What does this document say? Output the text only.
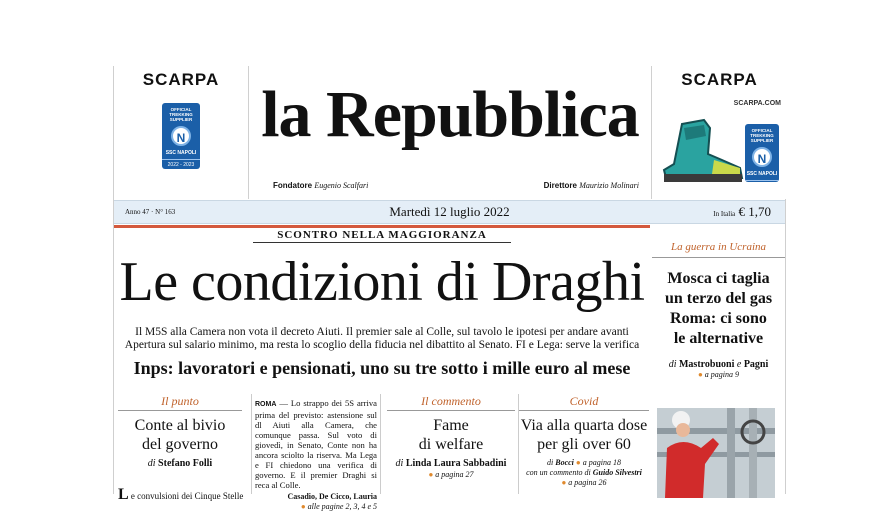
SCARPA
OFFICIAL TREKKING SUPPLIER
N
SSC NAPOLI
2022 - 2023
la Repubblica
Fondatore Eugenio Scalfari	Direttore Maurizio Molinari
SCARPA
SCARPA.COM
OFFICIAL TREKKING SUPPLIER
N
SSC NAPOLI
2022 - 2023
Anno 47 · N° 163	Martedì 12 luglio 2022	In Italia € 1,70
SCONTRO NELLA MAGGIORANZA
Le condizioni di Draghi
Il M5S alla Camera non vota il decreto Aiuti. Il premier sale al Colle, sul tavolo le ipotesi per andare avanti
Apertura sul salario minimo, ma resta lo scoglio della fiducia nel dibattito al Senato. FI e Lega: serve la verifica
Inps: lavoratori e pensionati, uno su tre sotto i mille euro al mese
Il punto
Conte al bivio
del governo
di Stefano Folli
ROMA — Lo strappo dei 5S arriva prima del previsto: astensione sul dl Aiuti alla Camera, che comunque passa. Sul voto di giovedì, in Senato, Conte non ha ancora sciolto la riserva. Ma Lega e FI chiedono una verifica di governo. E il premier Draghi si reca al Colle.
Casadio, De Cicco, Lauria
● alle pagine 2, 3, 4 e 5
Il commento
Fame
di welfare
di Linda Laura Sabbadini
● a pagina 27
Covid
Via alla quarta dose
per gli over 60
di Bocci ● a pagina 18
con un commento di Guido Silvestri
● a pagina 26
L e convulsioni dei Cinque Stelle
La guerra in Ucraina
Mosca ci taglia
un terzo del gas
Roma: ci sono
le alternative
di Mastrobuoni e Pagni
● a pagina 9
